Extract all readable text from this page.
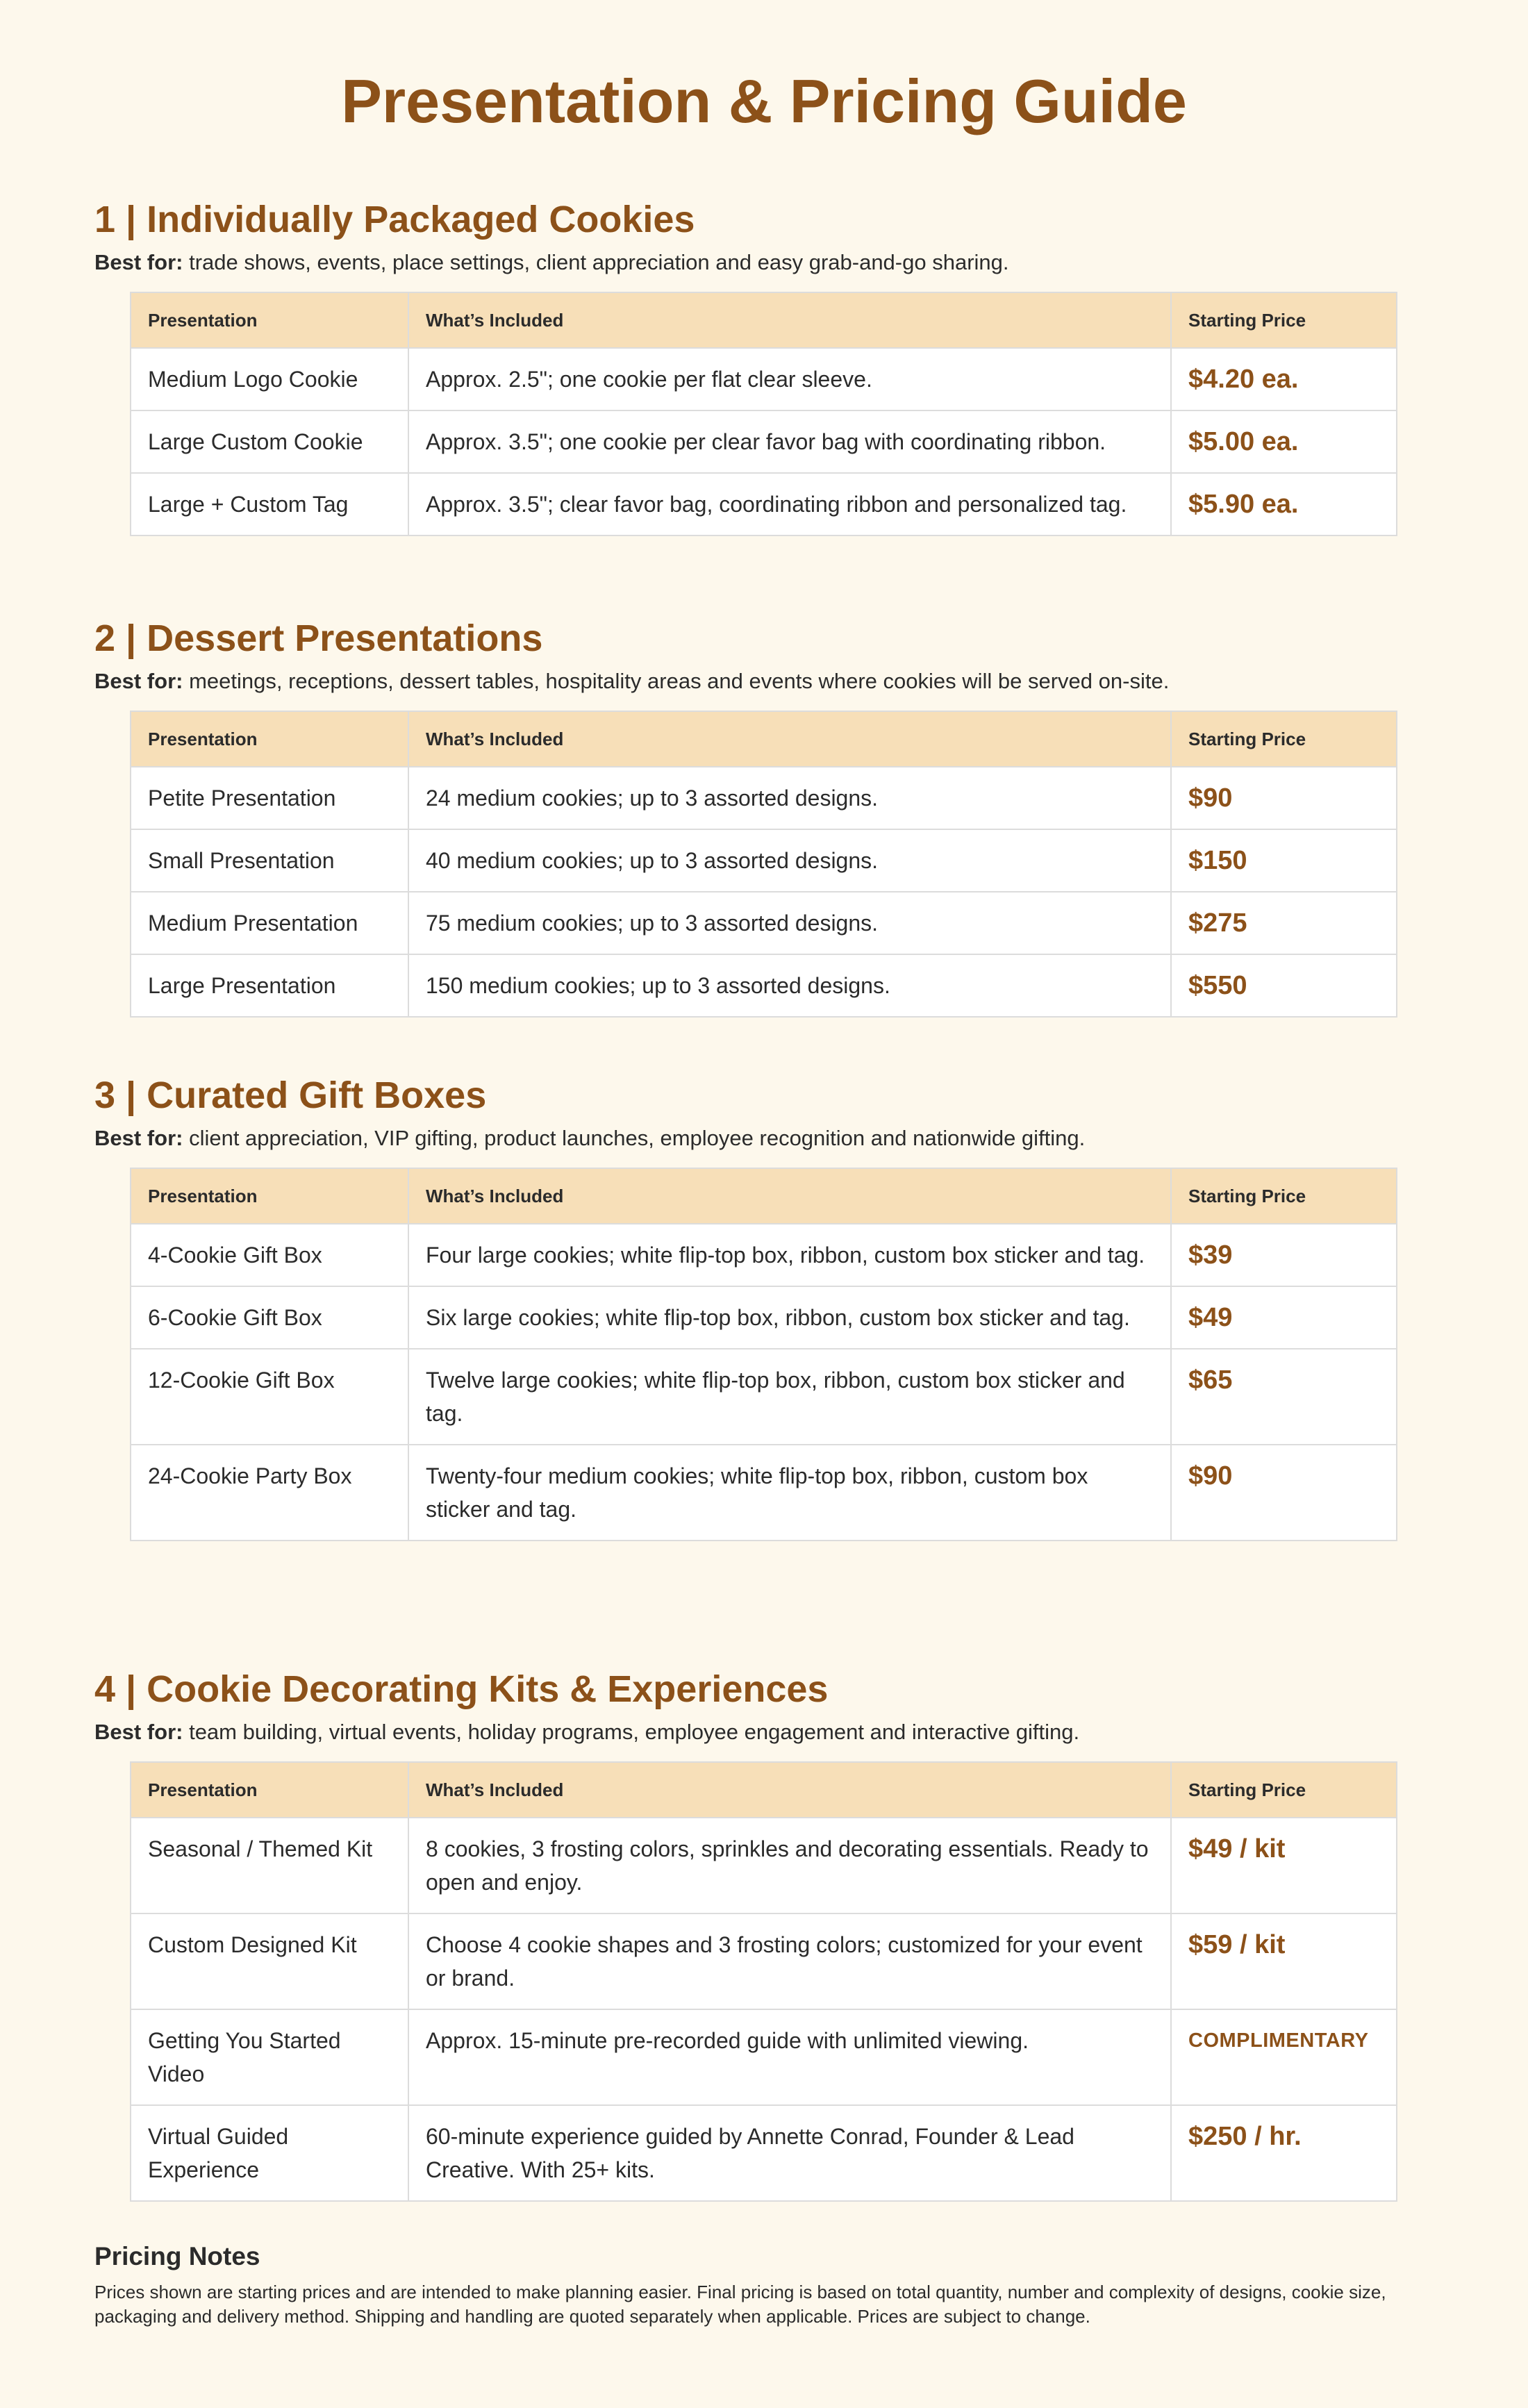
Presentation & Pricing Guide
1 | Individually Packaged Cookies

Best for: trade shows, events, place settings, client appreciation and easy grab-and-go sharing.

Presentation	What’s Included	Starting Price
Medium Logo Cookie	Approx. 2.5"; one cookie per flat clear sleeve.	$4.20 ea.
Large Custom Cookie	Approx. 3.5"; one cookie per clear favor bag with coordinating ribbon.	$5.00 ea.
Large + Custom Tag	Approx. 3.5"; clear favor bag, coordinating ribbon and personalized tag.	$5.90 ea.
2 | Dessert Presentations

Best for: meetings, receptions, dessert tables, hospitality areas and events where cookies will be served on-site.

Presentation	What’s Included	Starting Price
Petite Presentation	24 medium cookies; up to 3 assorted designs.	$90
Small Presentation	40 medium cookies; up to 3 assorted designs.	$150
Medium Presentation	75 medium cookies; up to 3 assorted designs.	$275
Large Presentation	150 medium cookies; up to 3 assorted designs.	$550
3 | Curated Gift Boxes

Best for: client appreciation, VIP gifting, product launches, employee recognition and nationwide gifting.

Presentation	What’s Included	Starting Price
4-Cookie Gift Box	Four large cookies; white flip-top box, ribbon, custom box sticker and tag.	$39
6-Cookie Gift Box	Six large cookies; white flip-top box, ribbon, custom box sticker and tag.	$49
12-Cookie Gift Box	Twelve large cookies; white flip-top box, ribbon, custom box sticker and tag.	$65
24-Cookie Party Box	Twenty-four medium cookies; white flip-top box, ribbon, custom box sticker and tag.	$90
4 | Cookie Decorating Kits & Experiences

Best for: team building, virtual events, holiday programs, employee engagement and interactive gifting.

Presentation	What’s Included	Starting Price
Seasonal / Themed Kit	8 cookies, 3 frosting colors, sprinkles and decorating essentials. Ready to open and enjoy.	$49 / kit
Custom Designed Kit	Choose 4 cookie shapes and 3 frosting colors; customized for your event or brand.	$59 / kit
Getting You Started Video	Approx. 15-minute pre-recorded guide with unlimited viewing.	COMPLIMENTARY
Virtual Guided Experience	60-minute experience guided by Annette Conrad, Founder & Lead Creative. With 25+ kits.	$250 / hr.
Pricing Notes

Prices shown are starting prices and are intended to make planning easier. Final pricing is based on total quantity, number and complexity of designs, cookie size, packaging and delivery method. Shipping and handling are quoted separately when applicable. Prices are subject to change.
